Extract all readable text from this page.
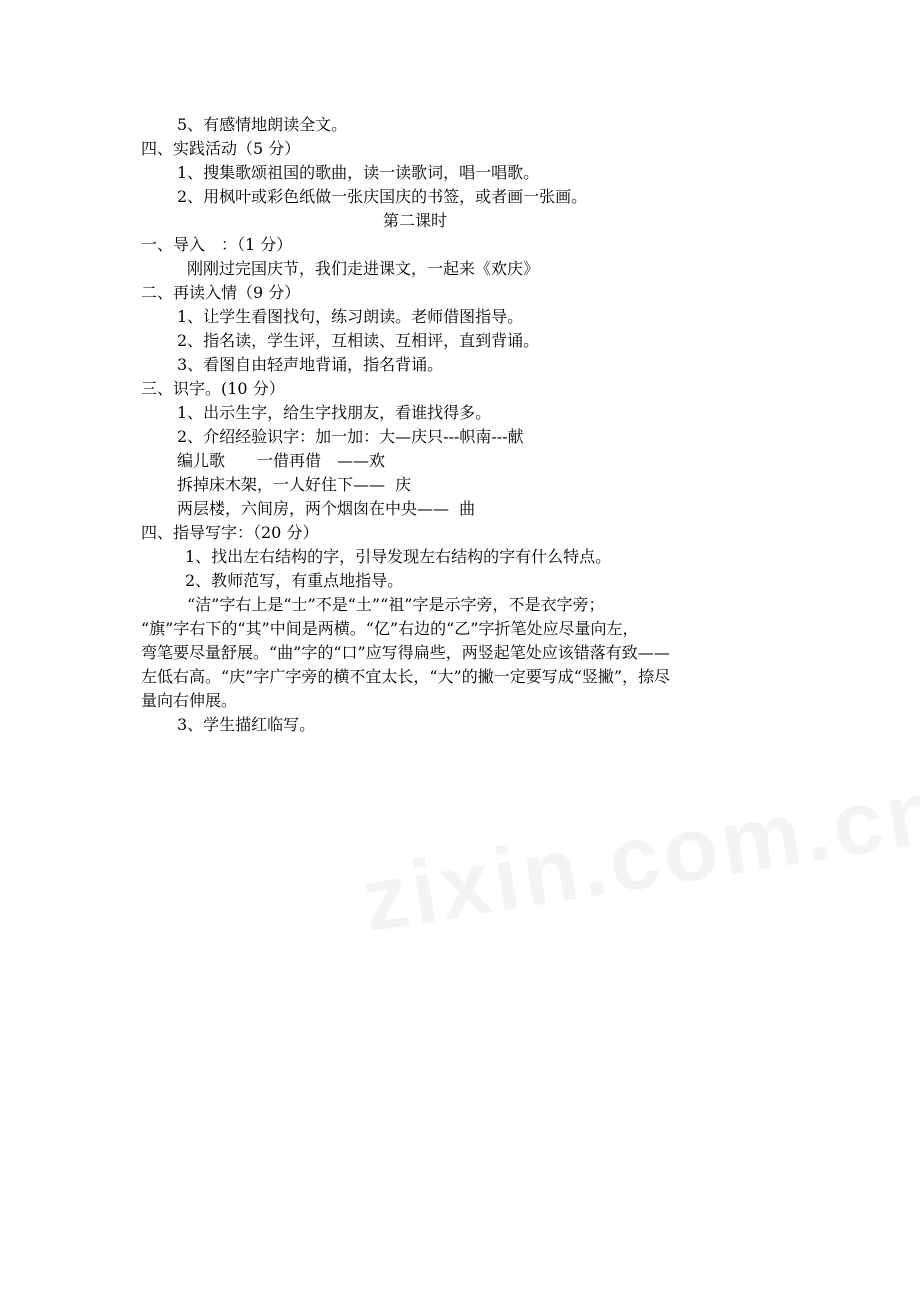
5、有感情地朗读全文。

四、实践活动（5 分）

1、搜集歌颂祖国的歌曲，读一读歌词，唱一唱歌。

2、用枫叶或彩色纸做一张庆国庆的书签，或者画一张画。

第二课时

一、导入　：（1 分）

刚刚过完国庆节，我们走进课文，一起来《欢庆》

二、再读入情（9 分）

1、让学生看图找句，练习朗读。老师借图指导。

2、指名读，学生评，互相读、互相评，直到背诵。

3、看图自由轻声地背诵，指名背诵。

三、识字。(10 分）

1、出示生字，给生字找朋友，看谁找得多。

2、介绍经验识字：加一加：大—庆只---帜南---献

编儿歌　　一借再借　——欢

拆掉床木架，一人好住下——  庆

两层楼，六间房，两个烟囱在中央——  曲

四、指导写字：（20 分）

1、找出左右结构的字，引导发现左右结构的字有什么特点。

2、教师范写，有重点地指导。

“洁”字右上是“士”不是“土”“祖”字是示字旁，不是衣字旁；

“旗”字右下的“其”中间是两横。“亿”右边的“乙”字折笔处应尽量向左，

弯笔要尽量舒展。“曲”字的“口”应写得扁些，两竖起笔处应该错落有致——

左低右高。“庆”字广字旁的横不宜太长，“大”的撇一定要写成“竖撇”，捺尽

量向右伸展。

3、学生描红临写。
